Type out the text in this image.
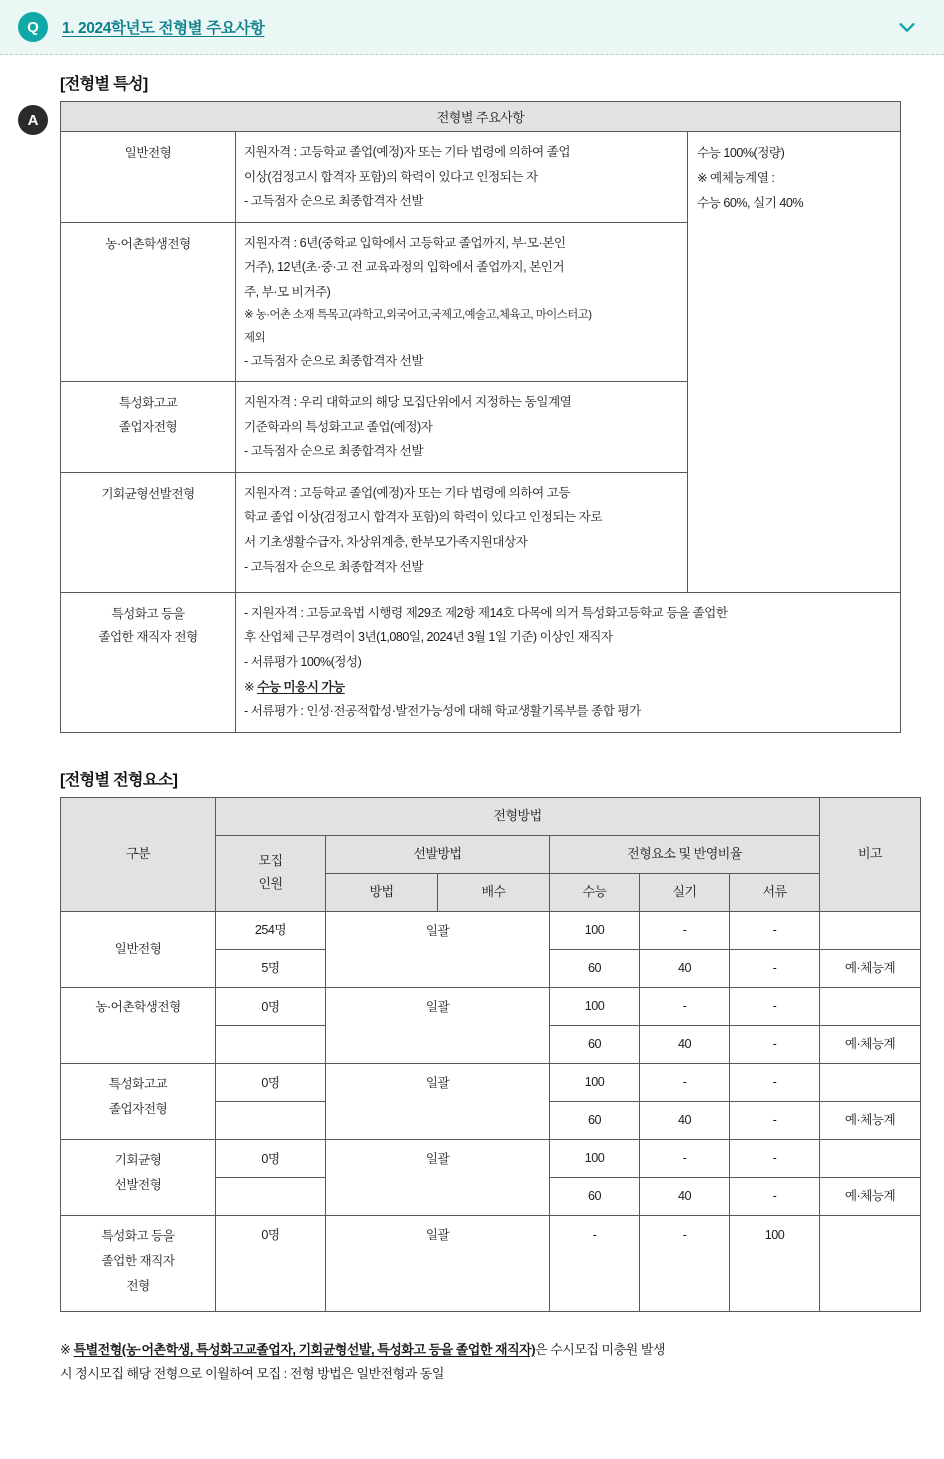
Q	1. 2024학년도 전형별 주요사항
A
[전형별 특성]
전형별 주요사항		
일반전형	지원자격 : 고등학교 졸업(예정)자 또는 기타 법령에 의하여 졸업
이상(검정고시 합격자 포함)의 학력이 있다고 인정되는 자
- 고득점자 순으로 최종합격자 선발	수능 100%(정량)
※ 예체능계열 :
수능 60%, 실기 40%

농·어촌학생전형	지원자격 : 6년(중학교 입학에서 고등학교 졸업까지, 부·모·본인
거주), 12년(초·중·고 전 교육과정의 입학에서 졸업까지, 본인거
주, 부·모 비거주)
※ 농·어촌 소재 특목고(과학고,외국어고,국제고,예술고,체육고, 마이스터고)
제외
- 고득점자 순으로 최종합격자 선발

특성화고교
졸업자전형	지원자격 : 우리 대학교의 해당 모집단위에서 지정하는 동일계열
기준학과의 특성화고교 졸업(예정)자
- 고득점자 순으로 최종합격자 선발	

기회균형선발전형	지원자격 : 고등학교 졸업(예정)자 또는 기타 법령에 의하여 고등
학교 졸업 이상(검정고시 합격자 포함)의 학력이 있다고 인정되는 자로
서 기초생활수급자, 차상위계층, 한부모가족지원대상자
- 고득점자 순으로 최종합격자 선발	

특성화고 등을
졸업한 재직자 전형	- 지원자격 : 고등교육법 시행령 제29조 제2항 제14호 다목에 의거 특성화고등학교 등을 졸업한
후 산업체 근무경력이 3년(1,080일, 2024년 3월 1일 기준) 이상인 재직자
- 서류평가 100%(정성)
※ 수능 미응시 가능
- 서류평가 : 인성·전공적합성·발전가능성에 대해 학교생활기록부를 종합 평가	
[전형별 전형요소]
구분	전형방법						비고

	모집
인원	선발방법		전형요소 및 반영비율			
		방법	배수	수능	실기	서류	
일반전형	254명	일괄		100	-	-	
	5명			60	40	-	예·체능계
농·어촌학생전형	0명	일괄		100	-	-	
				60	40	-	예·체능계

특성화고교
졸업자전형	0명	일괄		100	-	-	
				60	40	-	예·체능계

기회균형
선발전형	0명	일괄		100	-	-	
				60	40	-	예·체능계

특성화고 등을
졸업한 재직자
전형	0명	일괄		-	-	100	
※ 특별전형(농·어촌학생, 특성화고교졸업자, 기회균형선발, 특성화고 등을 졸업한 재직자)은 수시모집 미충원 발생
시 정시모집 해당 전형으로 이월하여 모집 : 전형 방법은 일반전형과 동일
